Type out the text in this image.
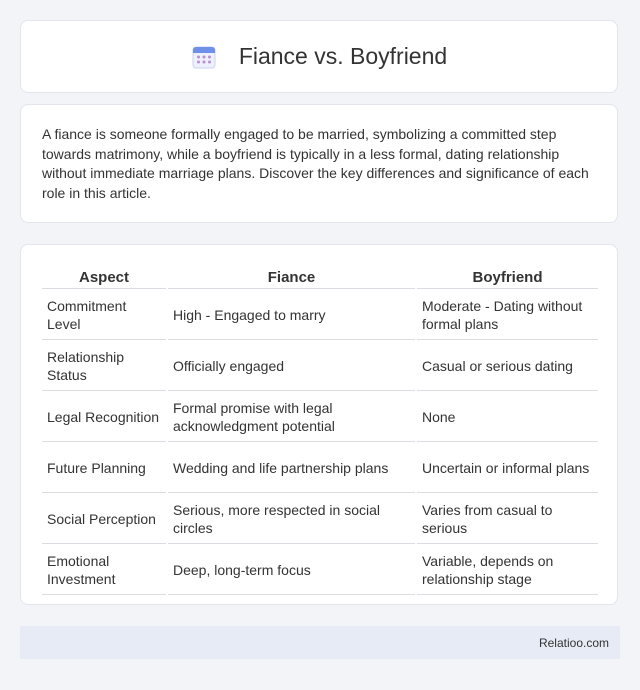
Fiance vs. Boyfriend

A fiance is someone formally engaged to be married, symbolizing a committed step towards matrimony, while a boyfriend is typically in a less formal, dating relationship without immediate marriage plans. Discover the key differences and significance of each role in this article.

Aspect	Fiance	Boyfriend
Commitment Level	High - Engaged to marry	Moderate - Dating without formal plans
Relationship Status	Officially engaged	Casual or serious dating
Legal Recognition	Formal promise with legal acknowledgment potential	None
Future Planning	Wedding and life partnership plans	Uncertain or informal plans
Social Perception	Serious, more respected in social circles	Varies from casual to serious
Emotional Investment	Deep, long-term focus	Variable, depends on relationship stage
Relatioo.com
